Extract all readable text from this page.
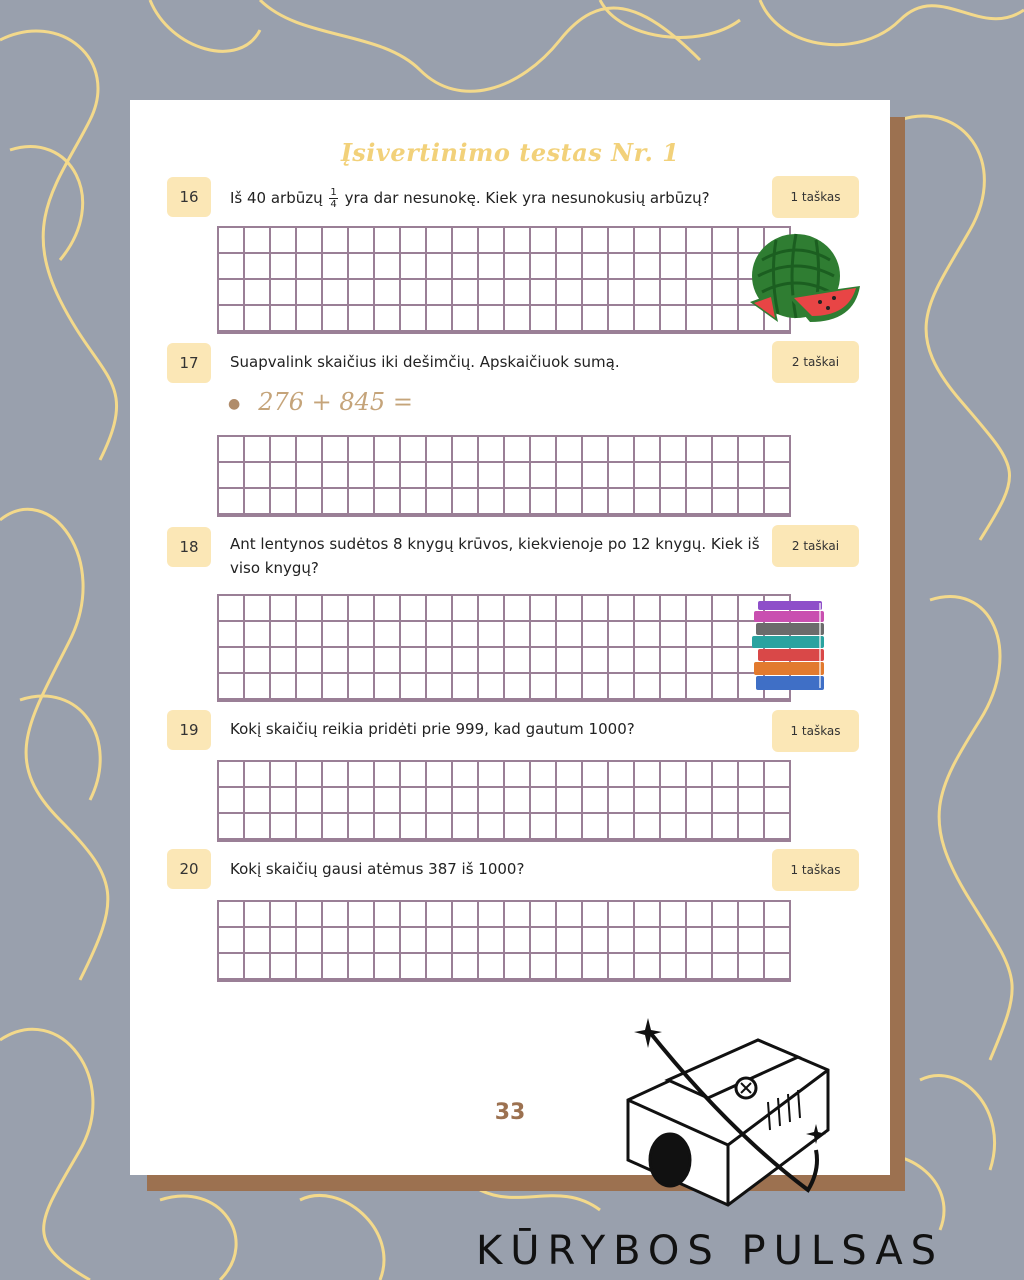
Įsivertinimo testas Nr. 1
16	Iš 40 arbūzų $\frac{1}{4}$ yra dar nesunokę. Kiek yra nesunokusių arbūzų?	1 taškas
17	Suapvalink skaičius iki dešimčių. Apskaičiuok sumą.	2 taškai
● 276 + 845 =
18	Ant lentynos sudėtos 8 knygų krūvos, kiekvienoje po 12 knygų. Kiek iš viso knygų?
2 taškai
19	Kokį skaičių reikia pridėti prie 999, kad gautum 1000?	1 taškas
20	Kokį skaičių gausi atėmus 387 iš 1000?	1 taškas
33
KŪRYBOS PULSAS
